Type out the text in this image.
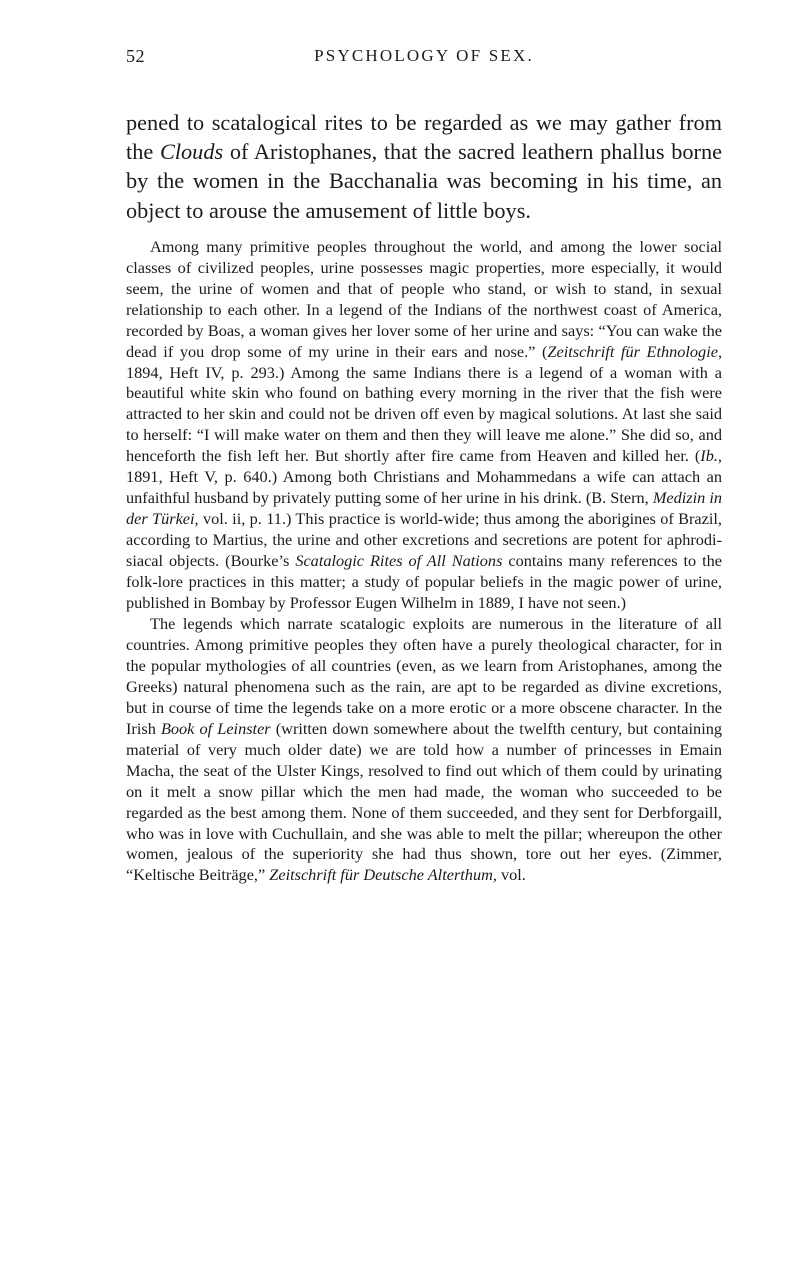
52	PSYCHOLOGY OF SEX.

pened to scatalogical rites to be regarded as we may gather from the Clouds of Aristophanes, that the sacred leathern phallus borne by the women in the Bacchanalia was becoming in his time, an object to arouse the amusement of little boys.

Among many primitive peoples throughout the world, and among the lower social classes of civilized peoples, urine possesses magic properties, more especially, it would seem, the urine of women and that of people who stand, or wish to stand, in sexual relationship to each other. In a legend of the Indians of the northwest coast of America, recorded by Boas, a woman gives her lover some of her urine and says: “You can wake the dead if you drop some of my urine in their ears and nose.” (Zeitschrift für Ethnologie, 1894, Heft IV, p. 293.) Among the same Indians there is a legend of a woman with a beautiful white skin who found on bathing every morning in the river that the fish were attracted to her skin and could not be driven off even by magical solutions. At last she said to herself: “I will make water on them and then they will leave me alone.” She did so, and henceforth the fish left her. But shortly after fire came from Heaven and killed her. (Ib., 1891, Heft V, p. 640.) Among both Christians and Mohammedans a wife can attach an unfaithful husband by privately putting some of her urine in his drink. (B. Stern, Medizin in der Türkei, vol. ii, p. 11.) This practice is world-wide; thus among the aborigines of Brazil, according to Martius, the urine and other excretions and secretions are potent for aphrodisiacal objects. (Bourke’s Scatalogic Rites of All Nations contains many references to the folk-lore practices in this matter; a study of popular beliefs in the magic power of urine, published in Bombay by Professor Eugen Wilhelm in 1889, I have not seen.)

The legends which narrate scatalogic exploits are numerous in the literature of all countries. Among primitive peoples they often have a purely theological character, for in the popular mythologies of all countries (even, as we learn from Aristophanes, among the Greeks) natural phenomena such as the rain, are apt to be regarded as divine excretions, but in course of time the legends take on a more erotic or a more obscene character. In the Irish Book of Leinster (written down somewhere about the twelfth century, but containing material of very much older date) we are told how a number of princesses in Emain Macha, the seat of the Ulster Kings, resolved to find out which of them could by urinating on it melt a snow pillar which the men had made, the woman who succeeded to be regarded as the best among them. None of them succeeded, and they sent for Derbforgaill, who was in love with Cuchullain, and she was able to melt the pillar; whereupon the other women, jealous of the superiority she had thus shown, tore out her eyes. (Zimmer, “Keltische Beiträge,” Zeitschrift für Deutsche Alterthum, vol.
